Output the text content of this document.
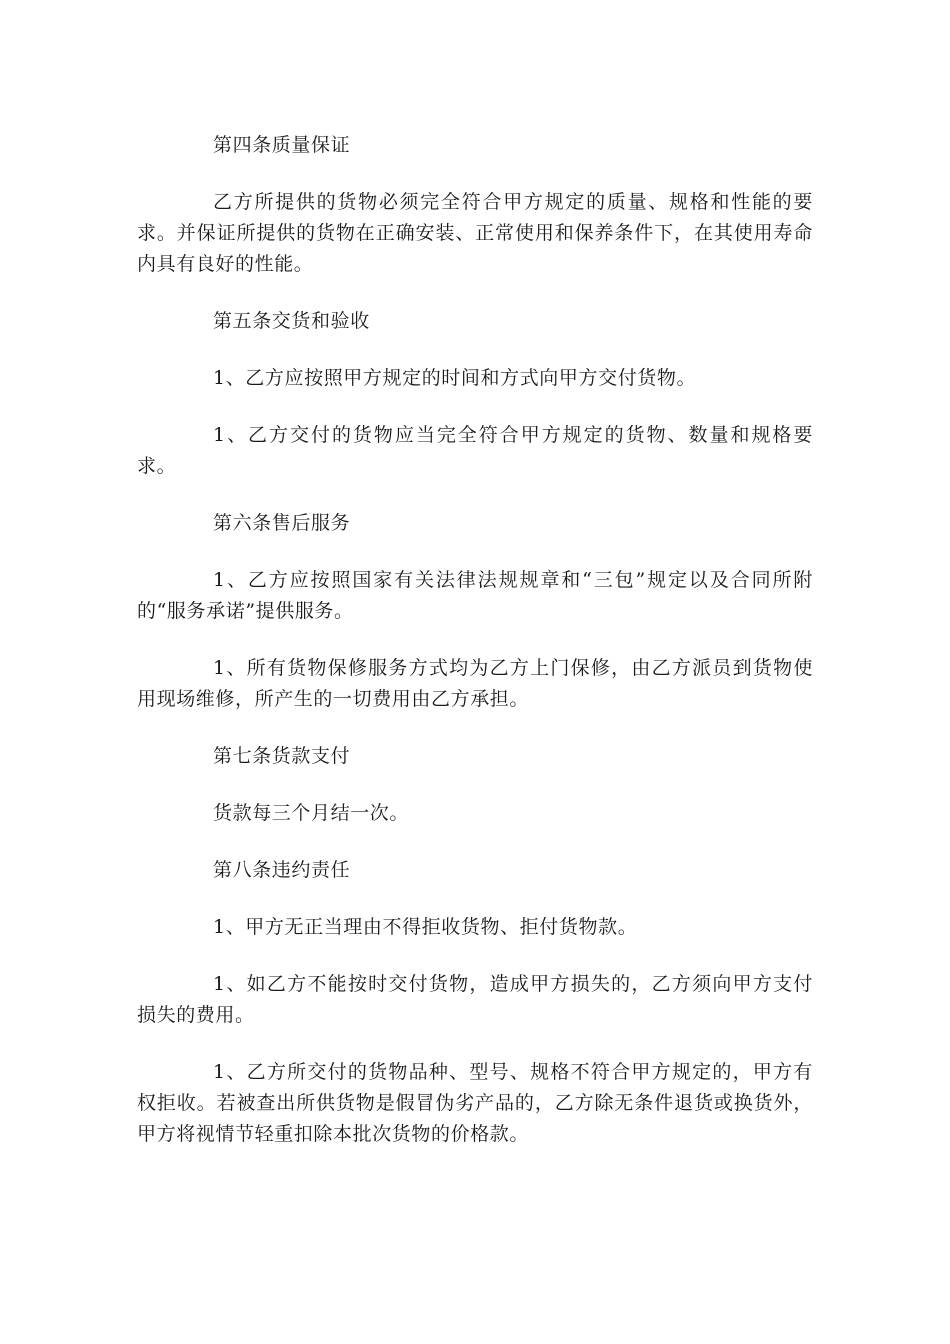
第四条质量保证

乙方所提供的货物必须完全符合甲方规定的质量、规格和性能的要求。并保证所提供的货物在正确安装、正常使用和保养条件下，在其使用寿命内具有良好的性能。

第五条交货和验收

1、乙方应按照甲方规定的时间和方式向甲方交付货物。

1、乙方交付的货物应当完全符合甲方规定的货物、数量和规格要求。

第六条售后服务

1、乙方应按照国家有关法律法规规章和“三包”规定以及合同所附的“服务承诺”提供服务。

1、所有货物保修服务方式均为乙方上门保修，由乙方派员到货物使用现场维修，所产生的一切费用由乙方承担。

第七条货款支付

货款每三个月结一次。

第八条违约责任

1、甲方无正当理由不得拒收货物、拒付货物款。

1、如乙方不能按时交付货物，造成甲方损失的，乙方须向甲方支付损失的费用。

1、乙方所交付的货物品种、型号、规格不符合甲方规定的，甲方有权拒收。若被查出所供货物是假冒伪劣产品的，乙方除无条件退货或换货外，甲方将视情节轻重扣除本批次货物的价格款。
